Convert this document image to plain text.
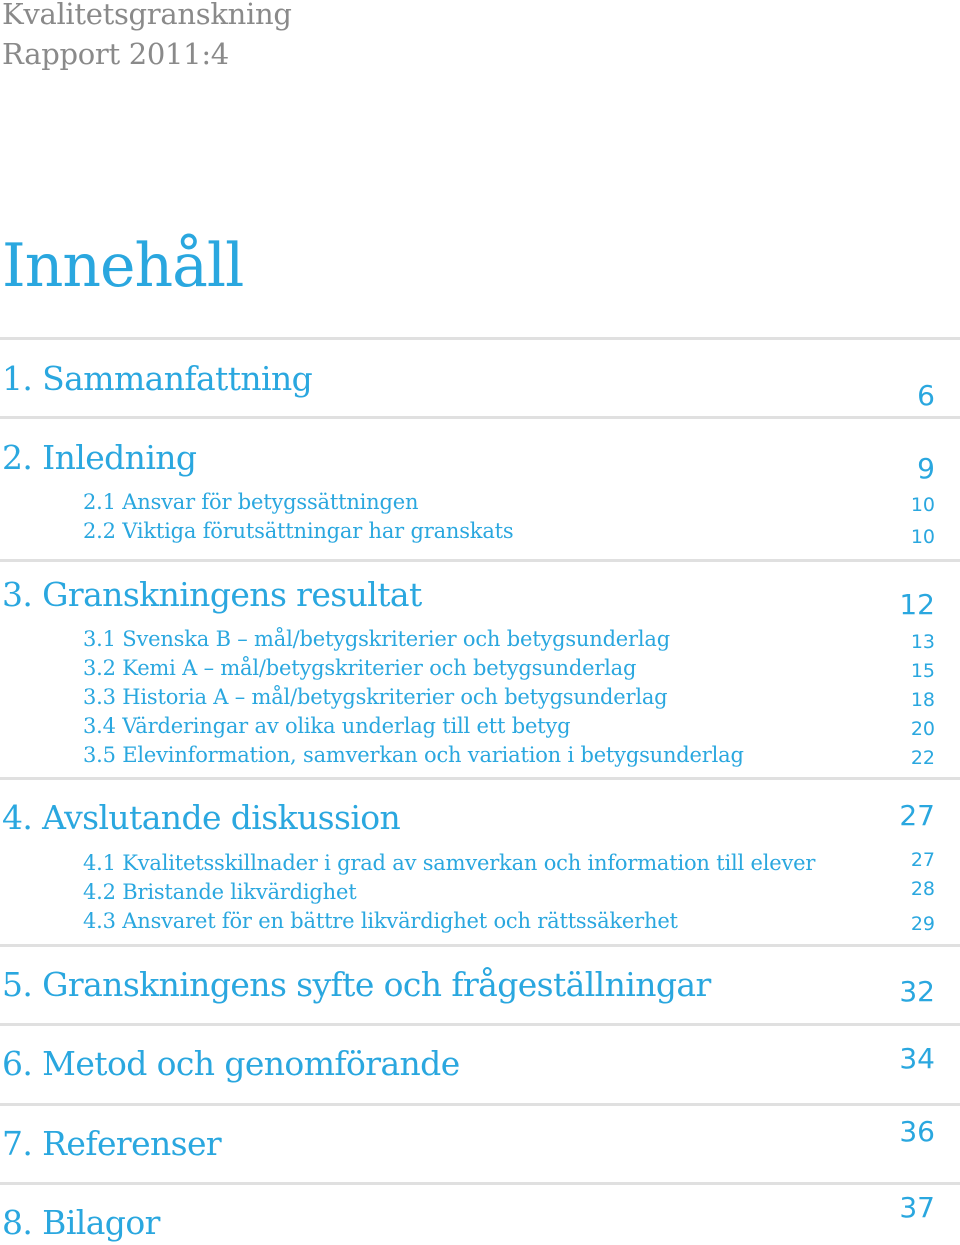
Kvalitetsgranskning
Rapport 2011:4
Innehåll
1. Sammanfattning	6
2. Inledning	9
2.1 Ansvar för betygssättningen	10
2.2 Viktiga förutsättningar har granskats	10
3. Granskningens resultat	12
3.1 Svenska B – mål/betygskriterier och betygsunderlag	13
3.2 Kemi A – mål/betygskriterier och betygsunderlag	15
3.3 Historia A – mål/betygskriterier och betygsunderlag	18
3.4 Värderingar av olika underlag till ett betyg	20
3.5 Elevinformation, samverkan och variation i betygsunderlag	22
4. Avslutande diskussion	27
4.1 Kvalitetsskillnader i grad av samverkan och information till elever	27
4.2 Bristande likvärdighet	28
4.3 Ansvaret för en bättre likvärdighet och rättssäkerhet	29
5. Granskningens syfte och frågeställningar	32
6. Metod och genomförande	34
7. Referenser	36
8. Bilagor	37
